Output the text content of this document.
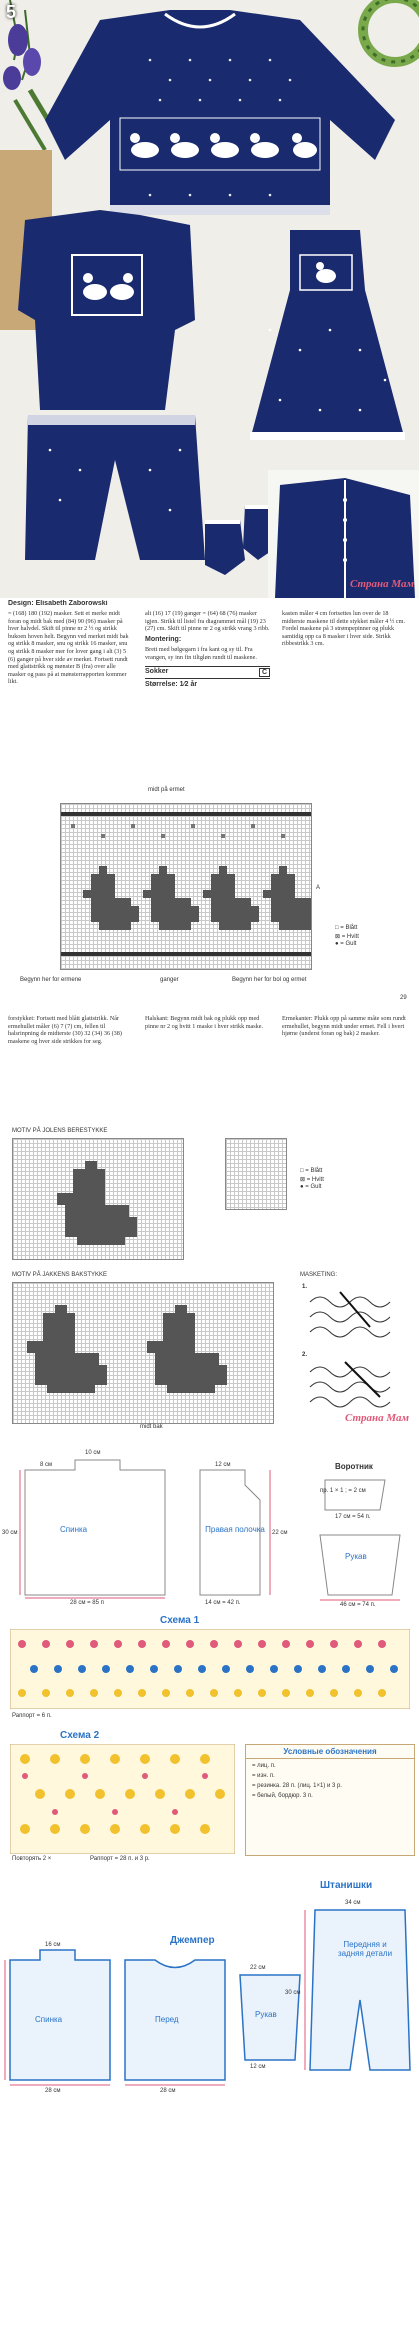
5
Страна Мам
Design: Elisabeth Zaborowski

= (168) 180 (192) masker. Sett et merke midt foran og midt bak med (84) 90 (96) masker på hver halvdel. Skift til pinne nr 2 ½ og strikk bukoen hoven helt. Begynn ved merket midt bak og strikk 8 masker, snu og strikk 16 masker, snu og strikk 8 masker mer for lover gang i alt (3) 5 (6) ganger på hver side av merket. Fortsett rundt med glattstrikk og mønster B (fra) over alle masker og pass på at mønsterrapporten kommer likt.

alt (16) 17 (19) ganger = (64) 68 (76) masker igjen. Strikk til listel fra diagrammet mål (19) 23 (27) cm. Skift til pinne nr 2 og strikk vrang 3 ribb.

Montering:

Brett med bølgegarn i fra kant og sy til. Fra vrangen, sy inn fin tiltgløn rundt til maskene.

Sokker	C

Størrelse: 1⁄2 år

kasten måler 4 cm fortsettes lun over de 18 midterste maskene til dette stykket måler 4 ½ cm. Fordel maskene på 3 strømpepinner og plukk samtidig opp ca 8 masker i hver side. Strikk ribbestrikk 3 cm.

midt på ermet
A
□ = Blått
⊠ = Hvitt
● = Gult
Begynn her for ermene	ganger	Begynn her for bol og ermet
29

forstykket: Fortsett med blått glattstrikk. Når ermehullet måler (6) 7 (7) cm, fellen til halsrinpning de midterste (30) 32 (34) 36 (38) maskene og hver side strikkes for seg.

Halskant: Begynn midt bak og plukk opp med pinne nr 2 og hvitt 1 maske i hver strikk maske.

Ermekanter: Plukk opp på samme måte som rundt ermehullet, begynn midt under ermet. Fell i hvert hjørne (underst foran og bak) 2 masker.

MOTIV PÅ JOLENS BERESTYKKE
□ = Blått
⊠ = Hvitt
● = Gult
MOTIV PÅ JAKKENS BAKSTYKKE
midt bak
MASKETING:
1.
2.
Страна Мам
Спинка	Правая полочка
Воротник
Рукав
8 см
10 см
12 см
28 см = 85 п	14 см = 42 п.
30 см	22 см
17 см = 54 п.
46 см = 74 п.
пр. 1 × 1 ; = 2 см
Схема 1
Раппорт = 6 п.
Схема 2
Повторять 2 ×	Раппорт = 28 п. и 3 р.
Условные обозначения
= лиц. п.
= изн. п.
= резинка. 28 п. (лиц. 1×1) и 3 р.
= белый, бордюр. 3 п.
Джемпер
Штанишки
Спинка	Перед
Рукав
Передняя и задняя детали
28 см	28 см
16 см
22 см
34 см
30 см
12 см
